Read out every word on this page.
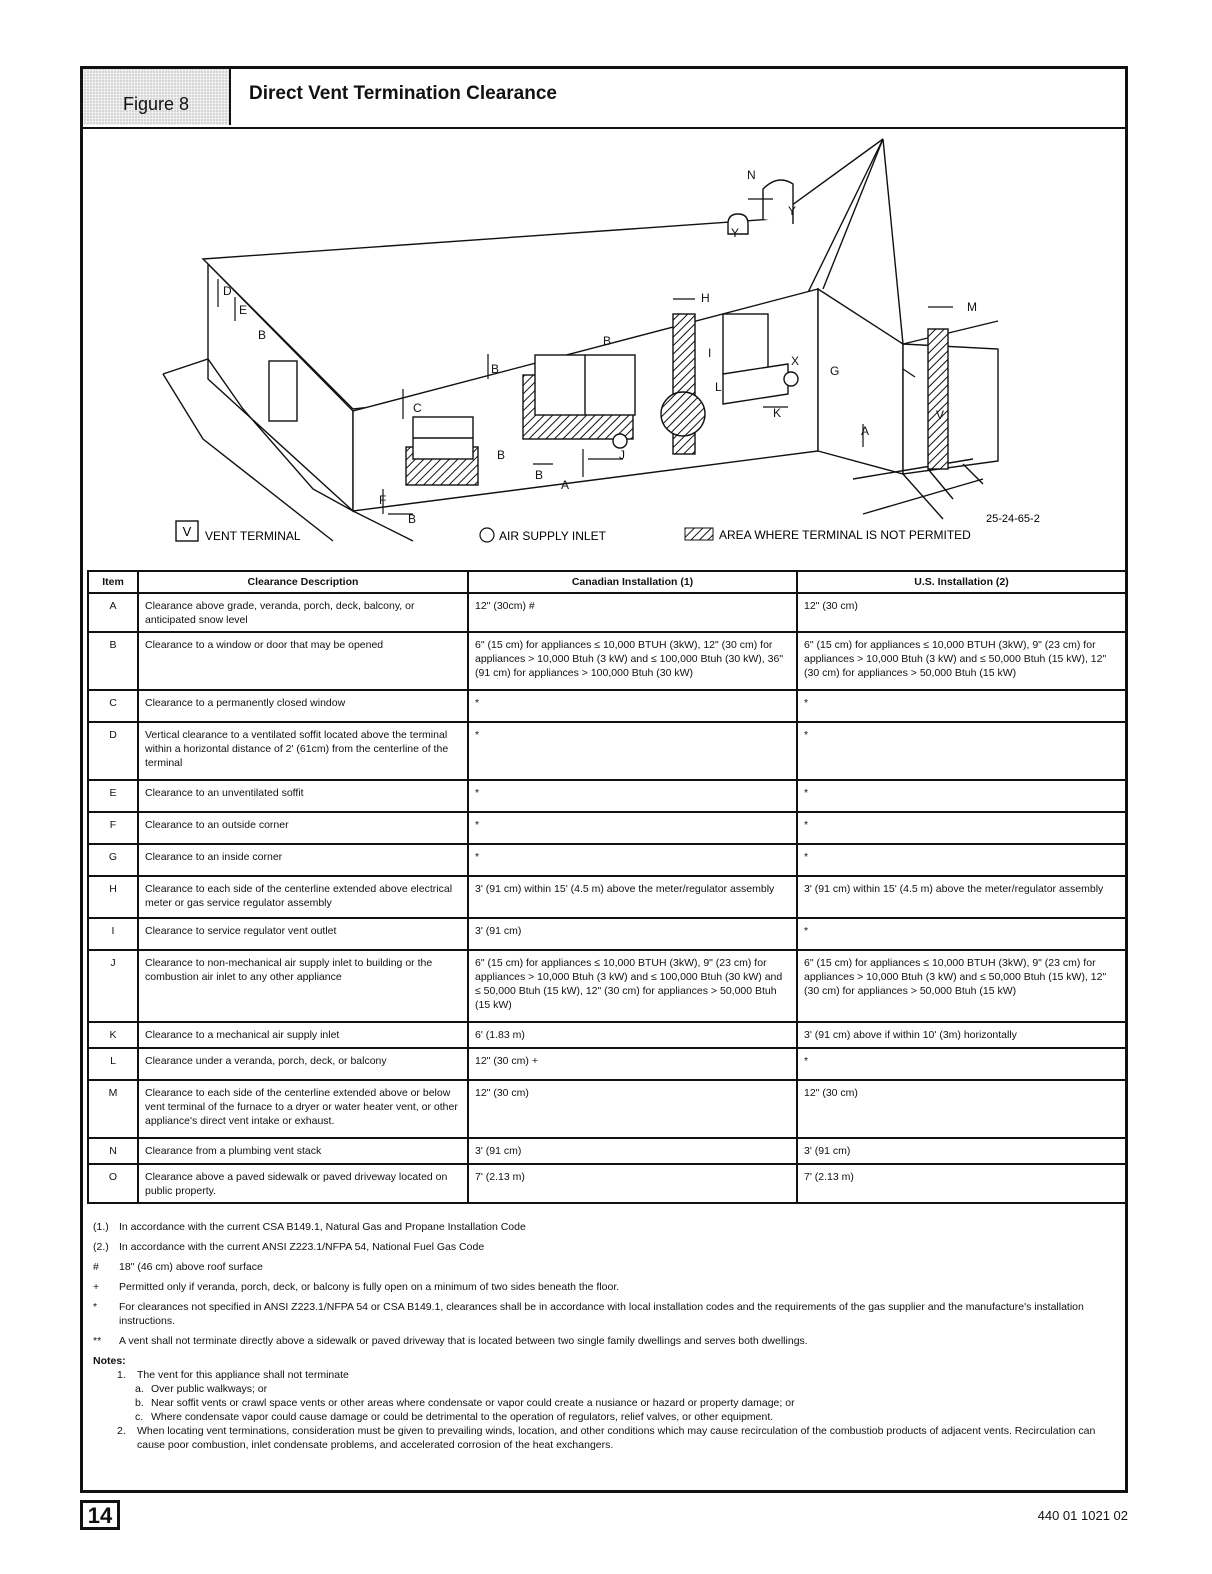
Figure 8	Direct Vent Termination Clearance
D
E
B
C
F
B
B
B
B
A
J
B
H
I
L
K
X
N
Y
Y
G
A
M
V
V VENT TERMINAL	AIR SUPPLY INLET	AREA WHERE TERMINAL IS NOT PERMITED
25-24-65-2
Item	Clearance Description	Canadian Installation (1)	U.S. Installation (2)
A	Clearance above grade, veranda, porch, deck, balcony, or anticipated snow level	12" (30cm) #	12" (30 cm)
B	Clearance to a window or door that may be opened	6" (15 cm) for appliances ≤ 10,000 BTUH (3kW), 12" (30 cm) for appliances > 10,000 Btuh (3 kW) and ≤ 100,000 Btuh (30 kW), 36" (91 cm) for appliances > 100,000 Btuh (30 kW)	6" (15 cm) for appliances ≤ 10,000 BTUH (3kW), 9" (23 cm) for appliances > 10,000 Btuh (3 kW) and ≤ 50,000 Btuh (15 kW), 12" (30 cm) for appliances > 50,000 Btuh (15 kW)
C	Clearance to a permanently closed window	*	*
D	Vertical clearance to a ventilated soffit located above the terminal within a horizontal distance of 2' (61cm) from the centerline of the terminal	*	*
E	Clearance to an unventilated soffit	*	*
F	Clearance to an outside corner	*	*
G	Clearance to an inside corner	*	*
H	Clearance to each side of the centerline extended above electrical meter or gas service regulator assembly	3' (91 cm) within 15' (4.5 m) above the meter/regulator assembly	3' (91 cm) within 15' (4.5 m) above the meter/regulator assembly
I	Clearance to service regulator vent outlet	3' (91 cm)	*
J	Clearance to non-mechanical air supply inlet to building or the combustion air inlet to any other appliance	6" (15 cm) for appliances ≤ 10,000 BTUH (3kW), 9" (23 cm) for appliances > 10,000 Btuh (3 kW) and ≤ 100,000 Btuh (30 kW) and ≤ 50,000 Btuh (15 kW), 12" (30 cm) for appliances > 50,000 Btuh (15 kW)	6" (15 cm) for appliances ≤ 10,000 BTUH (3kW), 9" (23 cm) for appliances > 10,000 Btuh (3 kW) and ≤ 50,000 Btuh (15 kW), 12" (30 cm) for appliances > 50,000 Btuh (15 kW)
K	Clearance to a mechanical air supply inlet	6' (1.83 m)	3' (91 cm) above if within 10' (3m) horizontally
L	Clearance under a veranda, porch, deck, or balcony	12" (30 cm) +	*
M	Clearance to each side of the centerline extended above or below vent terminal of the furnace to a dryer or water heater vent, or other appliance's direct vent intake or exhaust.	12" (30 cm)	12" (30 cm)
N	Clearance from a plumbing vent stack	3' (91 cm)	3' (91 cm)
O	Clearance above a paved sidewalk or paved driveway located on public property.	7' (2.13 m)	7' (2.13 m)
(1.) In accordance with the current CSA B149.1, Natural Gas and Propane Installation Code
(2.) In accordance with the current ANSI Z223.1/NFPA 54, National Fuel Gas Code
# 18" (46 cm) above roof surface
+ Permitted only if veranda, porch, deck, or balcony is fully open on a minimum of two sides beneath the floor.
* For clearances not specified in ANSI Z223.1/NFPA 54 or CSA B149.1, clearances shall be in accordance with local installation codes and the requirements of the gas supplier and the manufacture's installation instructions.
** A vent shall not terminate directly above a sidewalk or paved driveway that is located between two single family dwellings and serves both dwellings.
Notes:
1. The vent for this appliance shall not terminate
a. Over public walkways; or
b. Near soffit vents or crawl space vents or other areas where condensate or vapor could create a nusiance or hazard or property damage; or
c. Where condensate vapor could cause damage or could be detrimental to the operation of regulators, relief valves, or other equipment.
2. When locating vent terminations, consideration must be given to prevailing winds, location, and other conditions which may cause recirculation of the combustiob products of adjacent vents. Recirculation can cause poor combustion, inlet condensate problems, and accelerated corrosion of the heat exchangers.
14	440 01 1021 02
